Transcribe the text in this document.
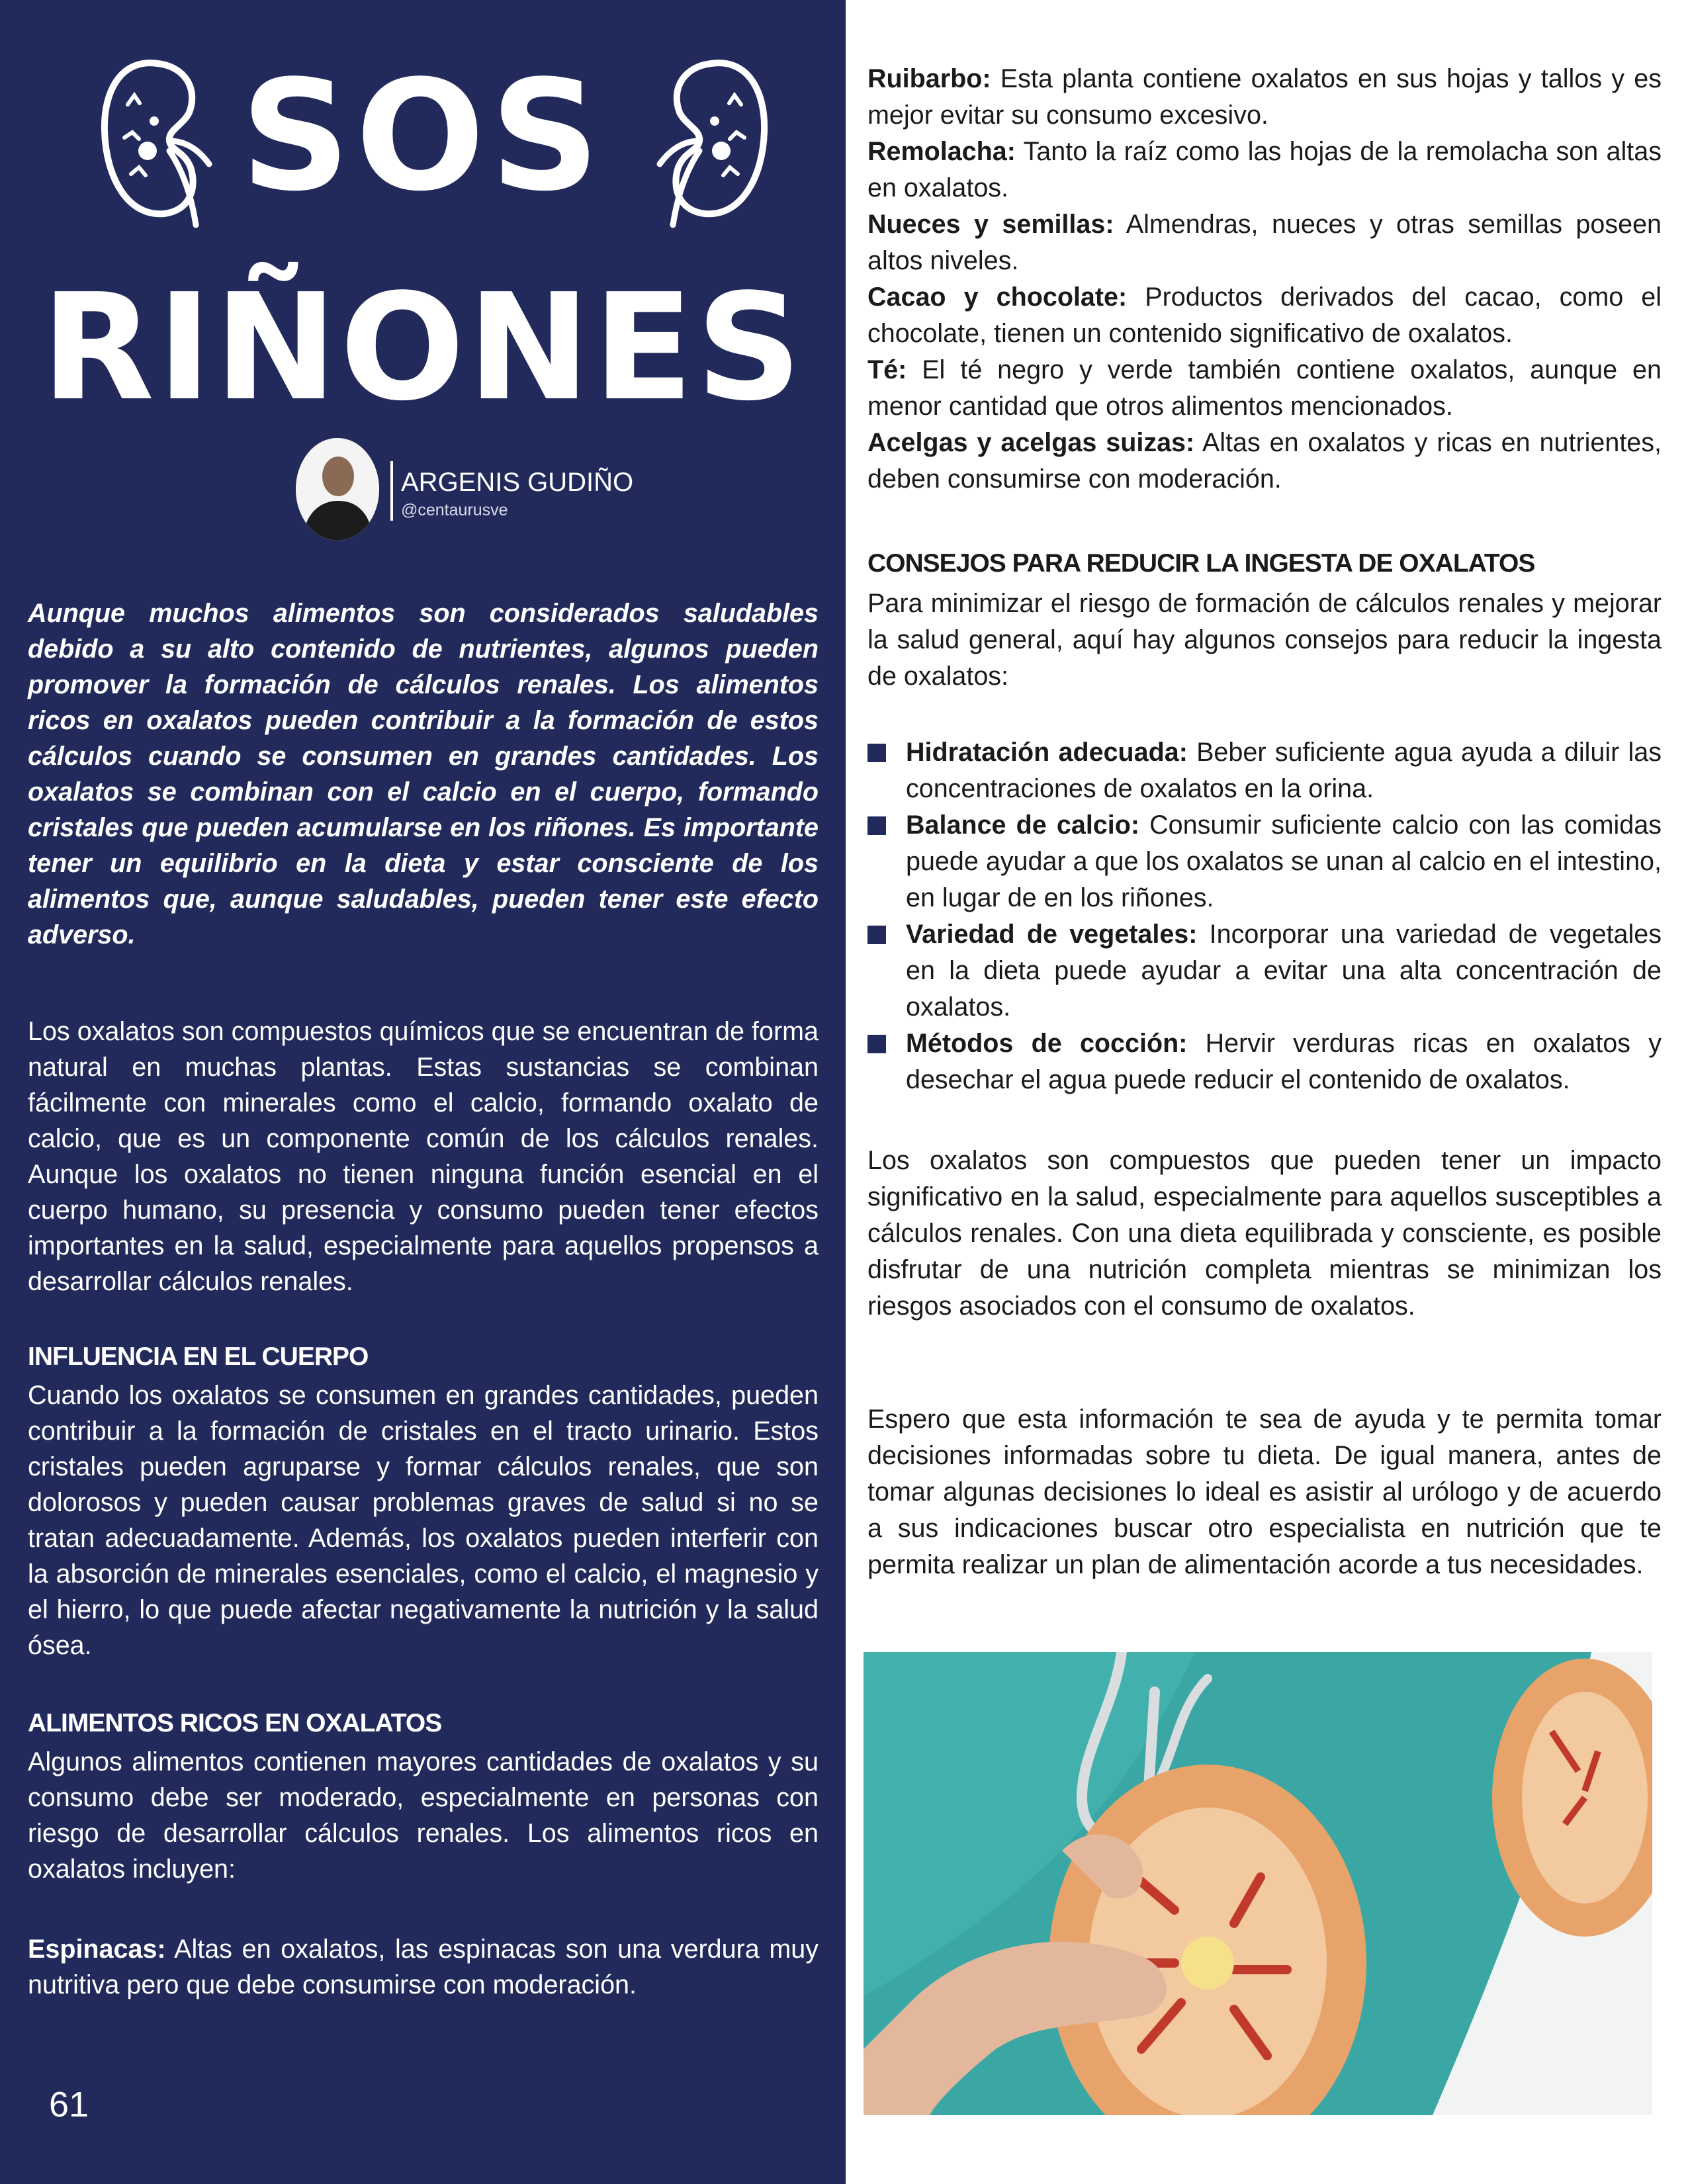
SOS
RIÑONES
ARGENIS GUDIÑO
@centaurusve

Aunque muchos alimentos son considerados saludables debido a su alto contenido de nutrientes, algunos pueden promover la formación de cálculos renales. Los alimentos ricos en oxalatos pueden contribuir a la formación de estos cálculos cuando se consumen en grandes cantidades. Los oxalatos se combinan con el calcio en el cuerpo, formando cristales que pueden acumularse en los riñones. Es importante tener un equilibrio en la dieta y estar consciente de los alimentos que, aunque saludables, pueden tener este efecto adverso.

Los oxalatos son compuestos químicos que se encuentran de forma natural en muchas plantas. Estas sustancias se combinan fácilmente con minerales como el calcio, formando oxalato de calcio, que es un componente común de los cálculos renales. Aunque los oxalatos no tienen ninguna función esencial en el cuerpo humano, su presencia y consumo pueden tener efectos importantes en la salud, especialmente para aquellos propensos a desarrollar cálculos renales.

INFLUENCIA EN EL CUERPO

Cuando los oxalatos se consumen en grandes cantidades, pueden contribuir a la formación de cristales en el tracto urinario. Estos cristales pueden agruparse y formar cálculos renales, que son dolorosos y pueden causar problemas graves de salud si no se tratan adecuadamente. Además, los oxalatos pueden interferir con la absorción de minerales esenciales, como el calcio, el magnesio y el hierro, lo que puede afectar negativamente la nutrición y la salud ósea.

ALIMENTOS RICOS EN OXALATOS

Algunos alimentos contienen mayores cantidades de oxalatos y su consumo debe ser moderado, especialmente en personas con riesgo de desarrollar cálculos renales. Los alimentos ricos en oxalatos incluyen:

Espinacas: Altas en oxalatos, las espinacas son una verdura muy nutritiva pero que debe consumirse con moderación.

61

Ruibarbo: Esta planta contiene oxalatos en sus hojas y tallos y es mejor evitar su consumo excesivo.
Remolacha: Tanto la raíz como las hojas de la remolacha son altas en oxalatos.
Nueces y semillas: Almendras, nueces y otras semillas poseen altos niveles.
Cacao y chocolate: Productos derivados del cacao, como el chocolate, tienen un contenido significativo de oxalatos.
Té: El té negro y verde también contiene oxalatos, aunque en menor cantidad que otros alimentos mencionados.
Acelgas y acelgas suizas: Altas en oxalatos y ricas en nutrientes, deben consumirse con moderación.

CONSEJOS PARA REDUCIR LA INGESTA DE OXALATOS

Para minimizar el riesgo de formación de cálculos renales y mejorar la salud general, aquí hay algunos consejos para reducir la ingesta de oxalatos:

Hidratación adecuada: Beber suficiente agua ayuda a diluir las concentraciones de oxalatos en la orina.
Balance de calcio: Consumir suficiente calcio con las comidas puede ayudar a que los oxalatos se unan al calcio en el intestino, en lugar de en los riñones.
Variedad de vegetales: Incorporar una variedad de vegetales en la dieta puede ayudar a evitar una alta concentración de oxalatos.
Métodos de cocción: Hervir verduras ricas en oxalatos y desechar el agua puede reducir el contenido de oxalatos.

Los oxalatos son compuestos que pueden tener un impacto significativo en la salud, especialmente para aquellos susceptibles a cálculos renales. Con una dieta equilibrada y consciente, es posible disfrutar de una nutrición completa mientras se minimizan los riesgos asociados con el consumo de oxalatos.

Espero que esta información te sea de ayuda y te permita tomar decisiones informadas sobre tu dieta. De igual manera, antes de tomar algunas decisiones lo ideal es asistir al urólogo y de acuerdo a sus indicaciones buscar otro especialista en nutrición que te permita realizar un plan de alimentación acorde a tus necesidades.
